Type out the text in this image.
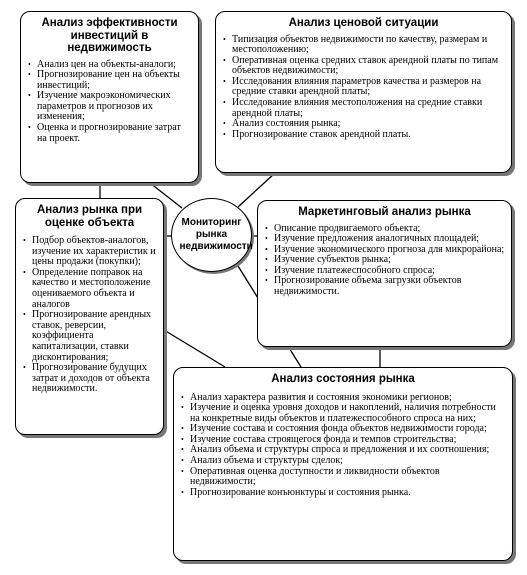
Анализ эффективности инвестиций в недвижимость
• Анализ цен на объекты-аналоги;
• Прогнозирование цен на объекты инвестиций;
• Изучение макроэкономических параметров и прогнозов их изменения;
• Оценка и прогнозирование затрат на проект.
Анализ ценовой ситуации
• Типизация объектов недвижимости по качеству, размерам и местоположению;
• Оперативная оценка средних ставок арендной платы по типам объектов недвижимости;
• Исследования влияния параметров качества и размеров на средние ставки арендной платы;
• Исследование влияния местоположения на средние ставки арендной платы;
• Анализ состояния рынка;
• Прогнозирование ставок арендной платы.
Анализ рынка при оценке объекта
• Подбор объектов-аналогов, изучение их характеристик и цены продажи (покупки);
• Определение поправок на качество и местоположение оцениваемого объекта и аналогов
• Прогнозирование арендных ставок, реверсии, коэффициента капитализации, ставки дисконтирования;
• Прогнозирование будущих затрат и доходов от объекта недвижимости.
Маркетинговый анализ рынка
• Описание продвигаемого объекта;
• Изучение предложения аналогичных площадей;
• Изучение экономического прогноза для микрорайона;
• Изучение субъектов рынка;
• Изучение платежеспособного спроса;
• Прогнозирование объема загрузки объектов недвижимости.
Анализ состояния рынка
• Анализ характера развития и состояния экономики регионов;
• Изучение и оценка уровня доходов и накоплений, наличия потребности на конкретные виды объектов и платежеспособного спроса на них;
• Изучение состава и состояния фонда объектов недвижимости города;
• Изучение состава строящегося фонда и темпов строительства;
• Анализ объема и структуры спроса и предложения и их соотношения;
• Анализ объема и структуры сделок;
• Оперативная оценка доступности и ликвидности объектов недвижимости;
• Прогнозирование конъюнктуры и состояния рынка.
Мониторинг рынка недвижимости
